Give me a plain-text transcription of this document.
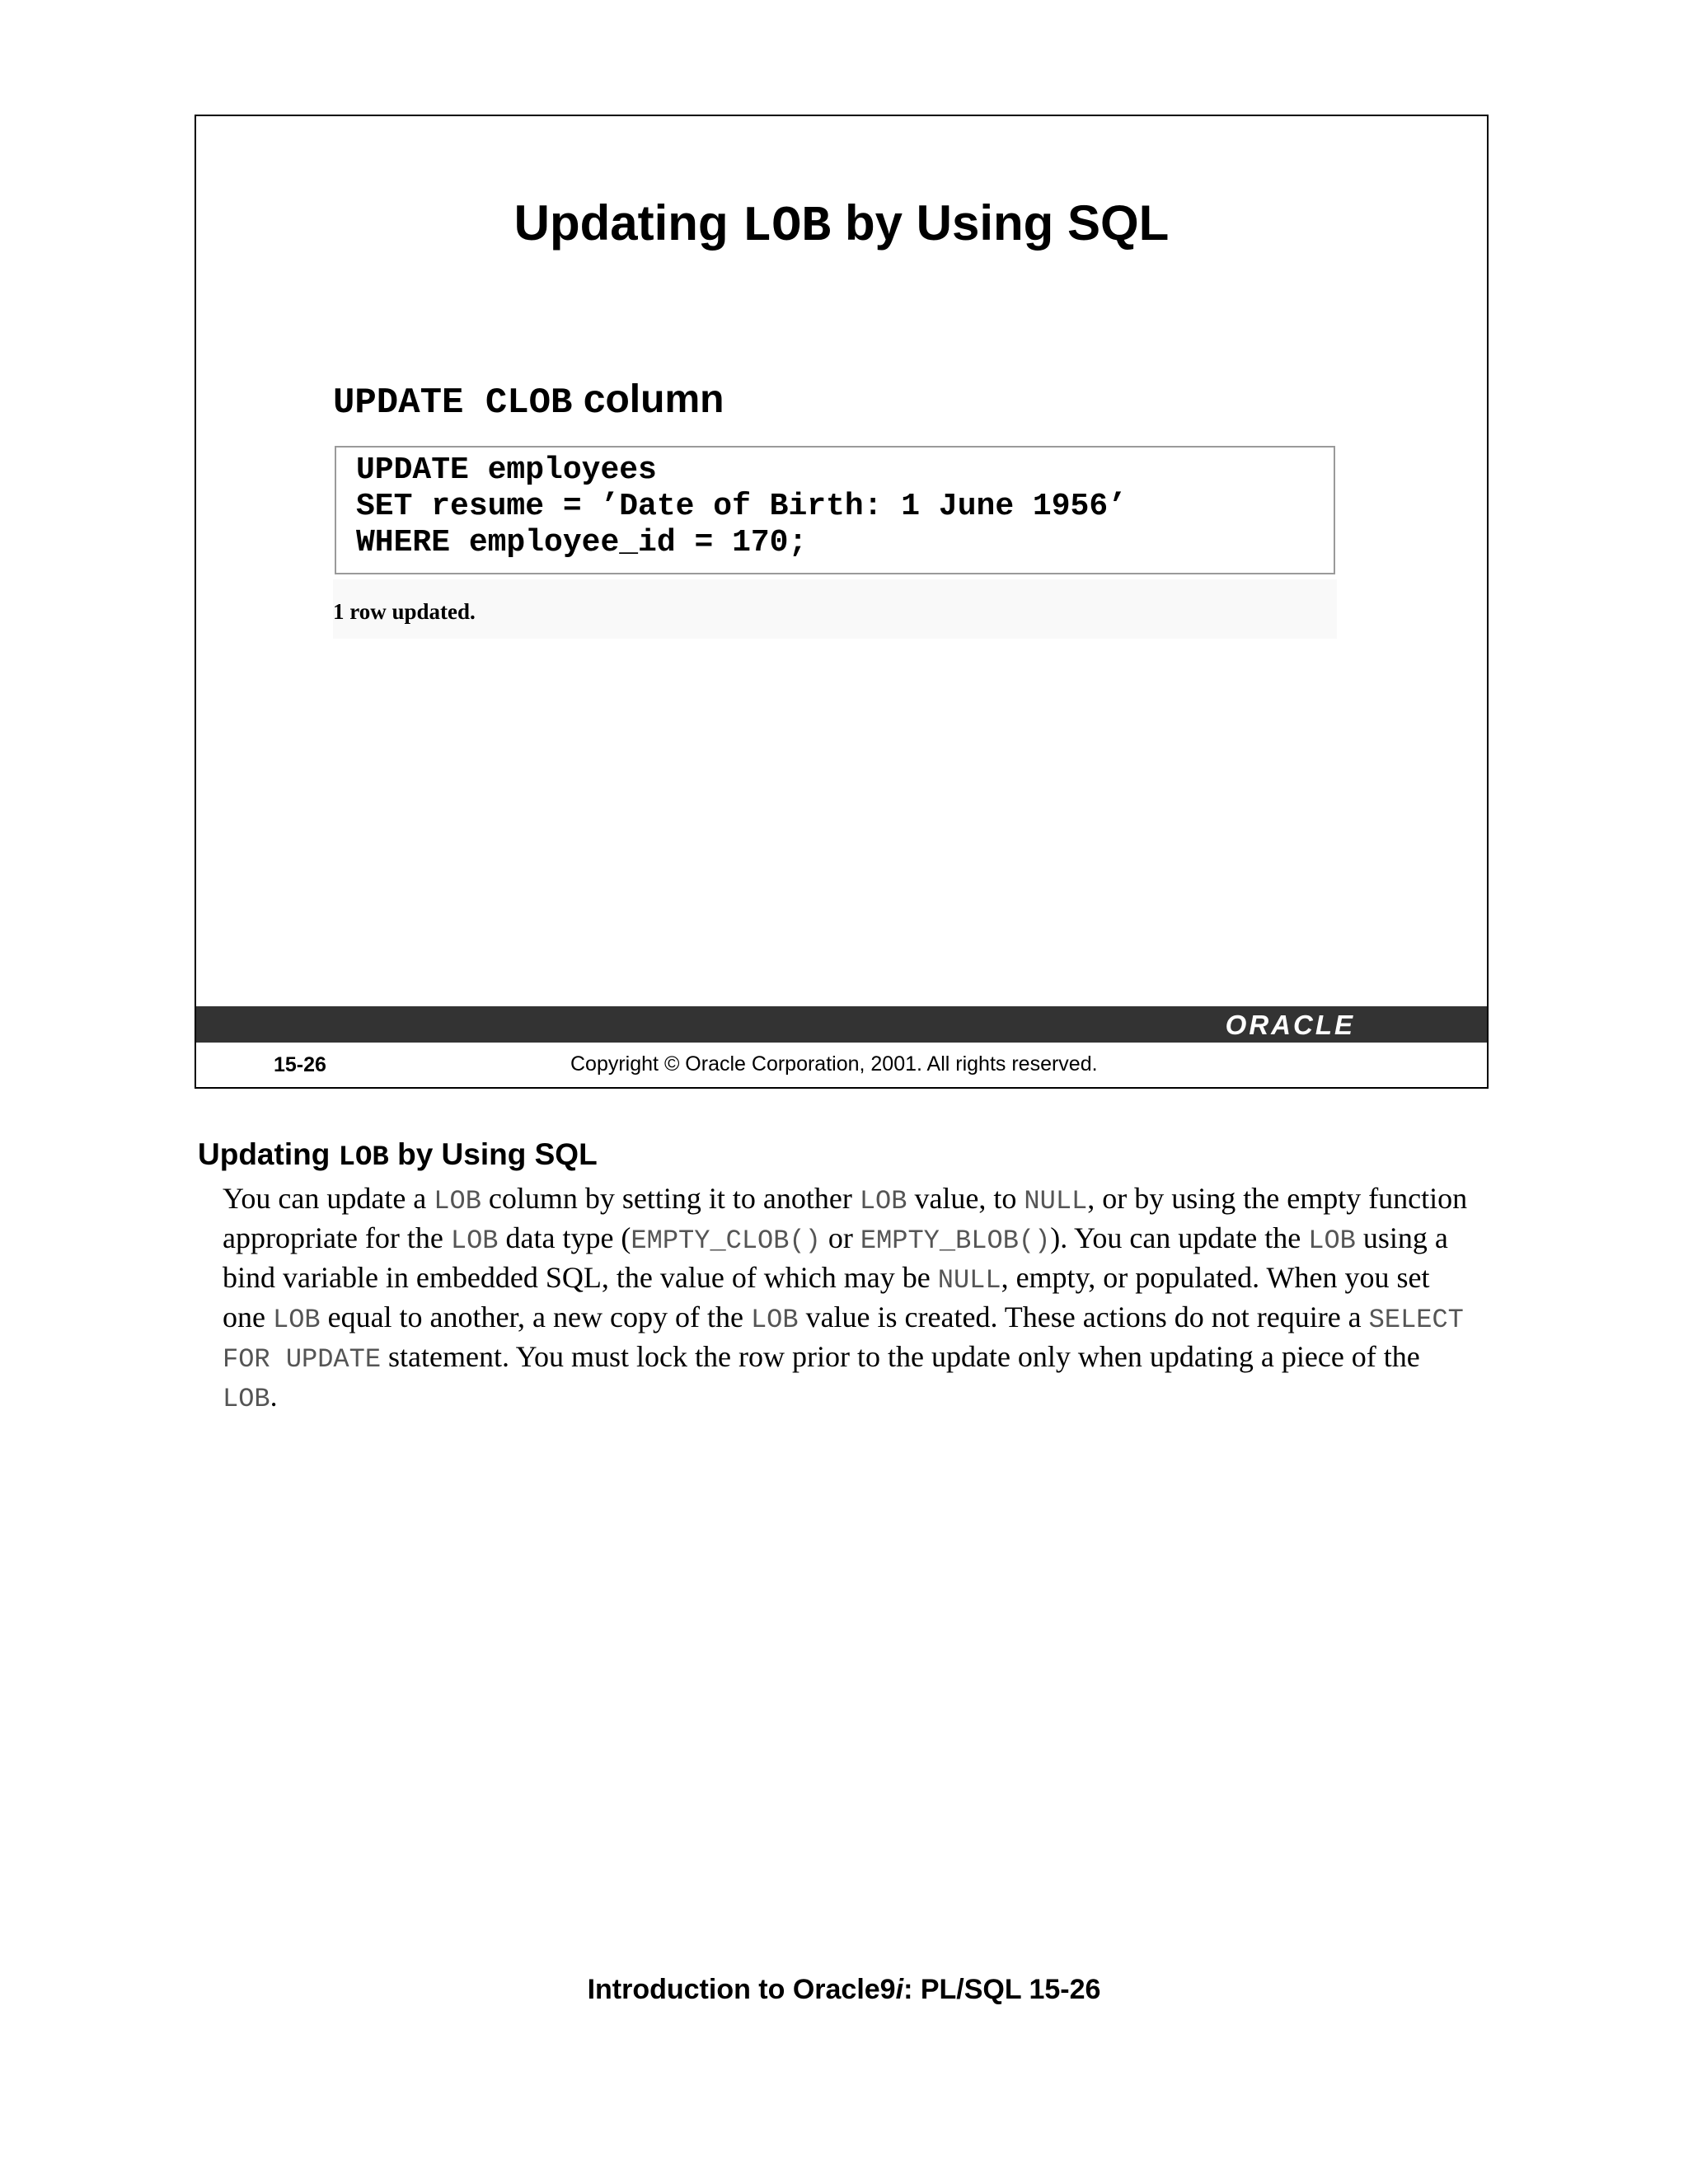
Updating LOB by Using SQL
UPDATE CLOB column
UPDATE employees
SET resume = ’Date of Birth: 1 June 1956’
WHERE employee_id = 170;
1 row updated.
ORACLE
15-26	Copyright © Oracle Corporation, 2001. All rights reserved.
Updating LOB by Using SQL
You can update a LOB column by setting it to another LOB value, to NULL, or by using the empty function appropriate for the LOB data type (EMPTY_CLOB() or EMPTY_BLOB()). You can update the LOB using a bind variable in embedded SQL, the value of which may be NULL, empty, or populated. When you set one LOB equal to another, a new copy of the LOB value is created. These actions do not require a SELECT FOR UPDATE statement. You must lock the row prior to the update only when updating a piece of the LOB.
Introduction to Oracle9i: PL/SQL 15-26
